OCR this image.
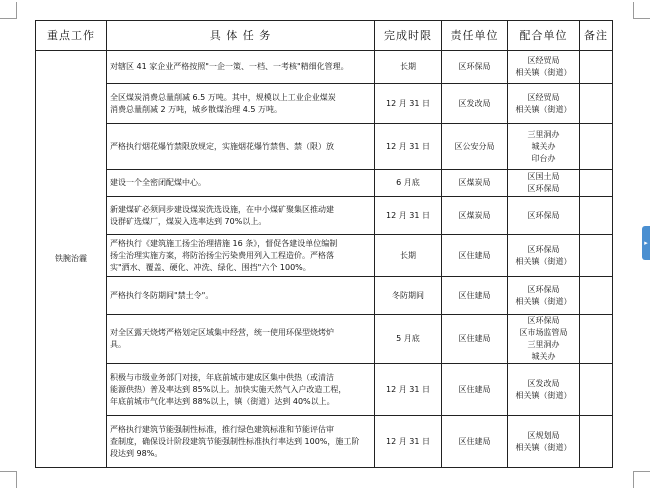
重点工作	具 体 任 务	完成时限	责任单位	配合单位	备注
铁腕治霾	对辖区 41 家企业严格按照"一企一策、一档、一考核"精细化管理。	长期	区环保局	区经贸局
相关镇（街道）	

	全区煤炭消费总量削减 6.5 万吨。其中，规模以上工业企业煤炭
消费总量削减 2 万吨，城乡散煤治理 4.5 万吨。	12 月 31 日	区发改局	区经贸局
相关镇（街道）	

	严格执行烟花爆竹禁限放规定，实施烟花爆竹禁售、禁（限）放	12 月 31 日	区公安分局	三里洞办
城关办
印台办	

	建设一个全密闭配煤中心。	6 月底	区煤炭局	区国土局
区环保局	

	新建煤矿必须同步建设煤炭洗选设施，在中小煤矿聚集区推动建
设群矿选煤厂，煤炭入选率达到 70%以上。	12 月 31 日	区煤炭局	区环保局	

	严格执行《建筑施工扬尘治理措施 16 条》，督促各建设单位编制
扬尘治理实施方案，将防治扬尘污染费用列入工程造价。严格落
实"洒水、覆盖、硬化、冲洗、绿化、围挡"六个 100%。	长期	区住建局	区环保局
相关镇（街道）	

	严格执行冬防期间"禁土令"。	冬防期间	区住建局	区环保局
相关镇（街道）	

	对全区露天烧烤严格划定区域集中经营，统一使用环保型烧烤炉
具。	5 月底	区住建局	区环保局
区市场监管局
三里洞办
城关办	

	积极与市级业务部门对接，年底前城市建成区集中供热（或清洁
能源供热）普及率达到 85%以上。加快实施天然气入户改造工程，
年底前城市气化率达到 88%以上，镇（街道）达到 40%以上。	12 月 31 日	区住建局	区发改局
相关镇（街道）	

	严格执行建筑节能强制性标准，推行绿色建筑标准和节能评估审
查制度，确保设计阶段建筑节能强制性标准执行率达到 100%，施工阶
段达到 98%。	12 月 31 日	区住建局	区规划局
相关镇（街道）	

▸
